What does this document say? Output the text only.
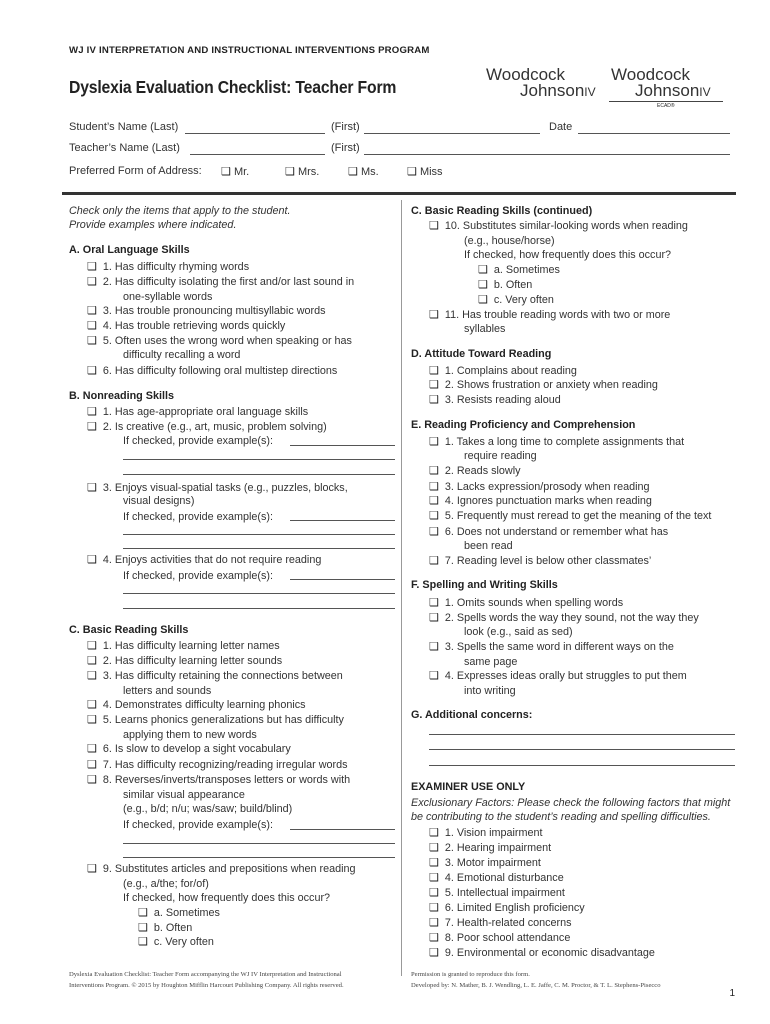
WJ IV INTERPRETATION AND INSTRUCTIONAL INTERVENTIONS PROGRAM
Dyslexia Evaluation Checklist: Teacher Form
Woodcock
JohnsonIV
Woodcock
JohnsonIV
ECAD®
Student’s Name (Last)	(First)	Date
Teacher’s Name (Last)	(First)
Preferred Form of Address: ❑ Mr.	❑ Mrs.	❑ Ms.	❑ Miss
Check only the items that apply to the student.
Provide examples where indicated.
A. Oral Language Skills
❑ 1. Has difficulty rhyming words
❑ 2. Has difficulty isolating the first and/or last sound in
one-syllable words
❑ 3. Has trouble pronouncing multisyllabic words
❑ 4. Has trouble retrieving words quickly
❑ 5. Often uses the wrong word when speaking or has
difficulty recalling a word
❑ 6. Has difficulty following oral multistep directions
B. Nonreading Skills
❑ 1. Has age-appropriate oral language skills
❑ 2. Is creative (e.g., art, music, problem solving)
If checked, provide example(s):
❑ 3. Enjoys visual-spatial tasks (e.g., puzzles, blocks,
visual designs)
If checked, provide example(s):
❑ 4. Enjoys activities that do not require reading
If checked, provide example(s):
C. Basic Reading Skills
❑ 1. Has difficulty learning letter names
❑ 2. Has difficulty learning letter sounds
❑ 3. Has difficulty retaining the connections between
letters and sounds
❑ 4. Demonstrates difficulty learning phonics
❑ 5. Learns phonics generalizations but has difficulty
applying them to new words
❑ 6. Is slow to develop a sight vocabulary
❑ 7. Has difficulty recognizing/reading irregular words
❑ 8. Reverses/inverts/transposes letters or words with
similar visual appearance
(e.g., b/d; n/u; was/saw; build/blind)
If checked, provide example(s):
❑ 9. Substitutes articles and prepositions when reading
(e.g., a/the; for/of)
If checked, how frequently does this occur?
❑ a. Sometimes
❑ b. Often
❑ c. Very often
C. Basic Reading Skills (continued)
❑ 10. Substitutes similar-looking words when reading
(e.g., house/horse)
If checked, how frequently does this occur?
❑ a. Sometimes
❑ b. Often
❑ c. Very often
❑ 11. Has trouble reading words with two or more
syllables
D. Attitude Toward Reading
❑ 1. Complains about reading
❑ 2. Shows frustration or anxiety when reading
❑ 3. Resists reading aloud
E. Reading Proficiency and Comprehension
❑ 1. Takes a long time to complete assignments that
require reading
❑ 2. Reads slowly
❑ 3. Lacks expression/prosody when reading
❑ 4. Ignores punctuation marks when reading
❑ 5. Frequently must reread to get the meaning of the text
❑ 6. Does not understand or remember what has
been read
❑ 7. Reading level is below other classmates’
F. Spelling and Writing Skills
❑ 1. Omits sounds when spelling words
❑ 2. Spells words the way they sound, not the way they
look (e.g., said as sed)
❑ 3. Spells the same word in different ways on the
same page
❑ 4. Expresses ideas orally but struggles to put them
into writing
G. Additional concerns:
EXAMINER USE ONLY
Exclusionary Factors: Please check the following factors that might
be contributing to the student’s reading and spelling difficulties.
❑ 1. Vision impairment
❑ 2. Hearing impairment
❑ 3. Motor impairment
❑ 4. Emotional disturbance
❑ 5. Intellectual impairment
❑ 6. Limited English proficiency
❑ 7. Health-related concerns
❑ 8. Poor school attendance
❑ 9. Environmental or economic disadvantage
Dyslexia Evaluation Checklist: Teacher Form accompanying the WJ IV Interpretation and Instructional
Interventions Program. © 2015 by Houghton Mifflin Harcourt Publishing Company. All rights reserved.
Permission is granted to reproduce this form.
Developed by: N. Mather, B. J. Wendling, L. E. Jaffe, C. M. Proctor, & T. L. Stephens-Pisecco
1
